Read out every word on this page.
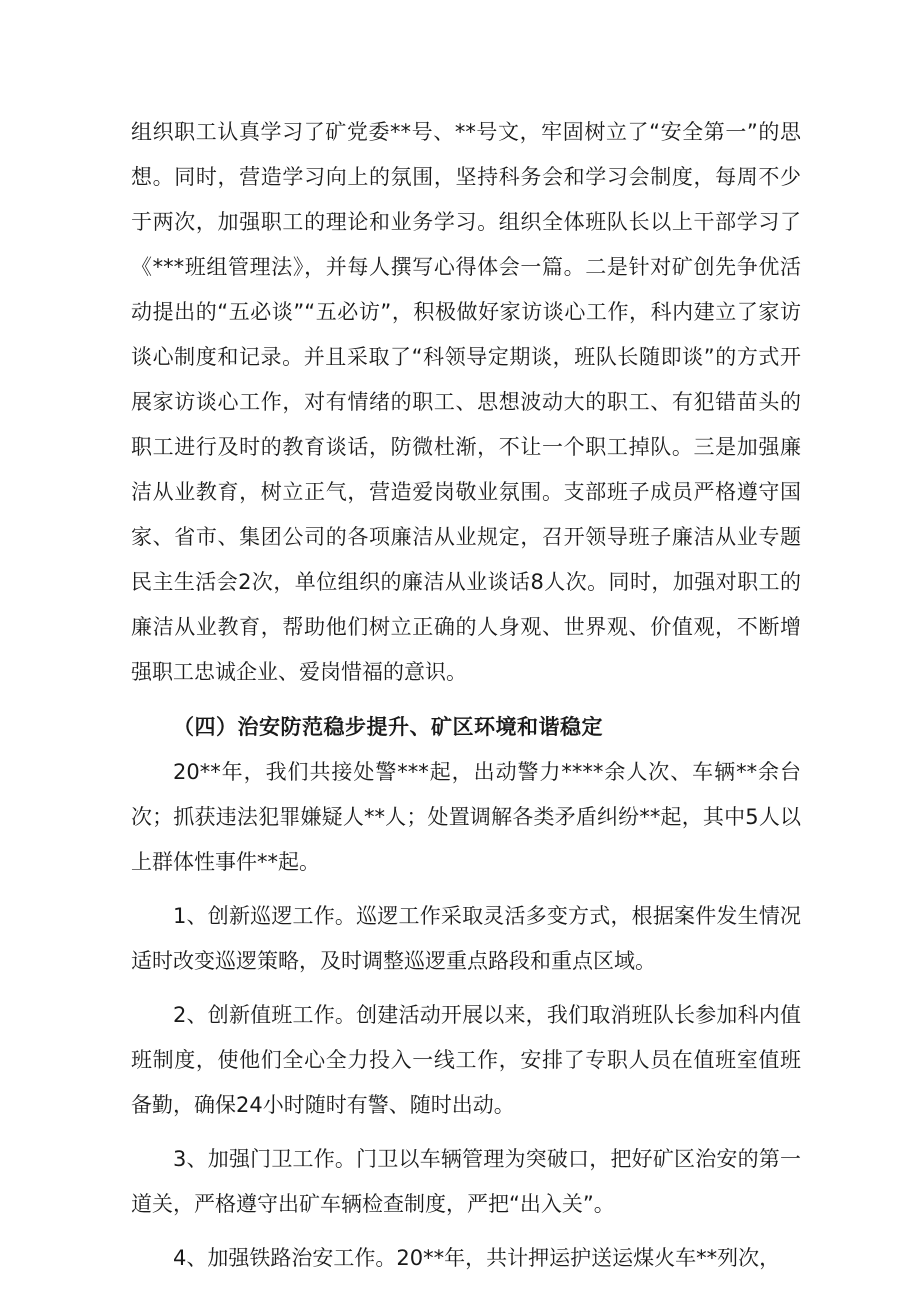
组织职工认真学习了矿党委**号、**号文，牢固树立了“安全第一”的思想。同时，营造学习向上的氛围，坚持科务会和学习会制度，每周不少于两次，加强职工的理论和业务学习。组织全体班队长以上干部学习了《***班组管理法》，并每人撰写心得体会一篇。二是针对矿创先争优活动提出的“五必谈”“五必访”，积极做好家访谈心工作，科内建立了家访谈心制度和记录。并且采取了“科领导定期谈，班队长随即谈”的方式开展家访谈心工作，对有情绪的职工、思想波动大的职工、有犯错苗头的职工进行及时的教育谈话，防微杜渐，不让一个职工掉队。三是加强廉洁从业教育，树立正气，营造爱岗敬业氛围。支部班子成员严格遵守国家、省市、集团公司的各项廉洁从业规定，召开领导班子廉洁从业专题民主生活会2次，单位组织的廉洁从业谈话8人次。同时，加强对职工的廉洁从业教育，帮助他们树立正确的人身观、世界观、价值观，不断增强职工忠诚企业、爱岗惜福的意识。

（四）治安防范稳步提升、矿区环境和谐稳定

20**年，我们共接处警***起，出动警力****余人次、车辆**余台次；抓获违法犯罪嫌疑人**人；处置调解各类矛盾纠纷**起，其中5人以上群体性事件**起。

1、创新巡逻工作。巡逻工作采取灵活多变方式，根据案件发生情况适时改变巡逻策略，及时调整巡逻重点路段和重点区域。

2、创新值班工作。创建活动开展以来，我们取消班队长参加科内值班制度，使他们全心全力投入一线工作，安排了专职人员在值班室值班备勤，确保24小时随时有警、随时出动。

3、加强门卫工作。门卫以车辆管理为突破口，把好矿区治安的第一道关，严格遵守出矿车辆检查制度，严把“出入关”。

4、加强铁路治安工作。20**年，共计押运护送运煤火车**列次，
